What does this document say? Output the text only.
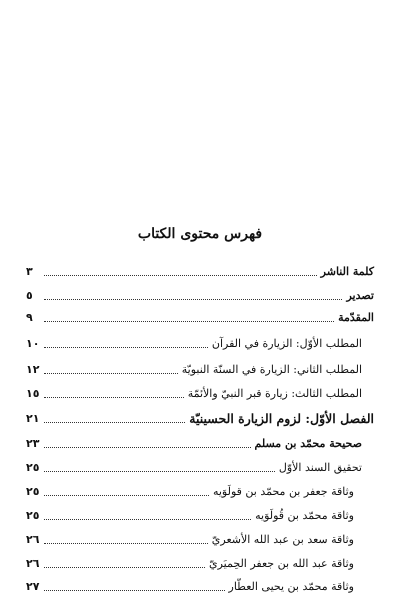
فهرس محتوى الكتاب
كلمة الناشر
٣
تصدير
٥
المقدّمة
٩
المطلب الأوّل: الزيارة في القرآن
١٠
المطلب الثاني: الزيارة في السنّة النبويّة
١٢
المطلب الثالث: زيارة قبر النبيّ والأئمّة
١٥
الفصل الأوّل: لزوم الزيارة الحسينيّة
٢١
صحيحة محمّد بن مسلم
٢٣
تحقيق السند الأوّل
٢٥
وثاقة جعفر بن محمّد بن قولَوَيه
٢٥
وثاقة محمّد بن قُولَوَيه
٢٥
وثاقة سعد بن عبد الله الأشعريّ
٢٦
وثاقة عبد الله بن جعفر الحِميَريّ
٢٦
وثاقة محمّد بن يحيى العطّار
٢٧
